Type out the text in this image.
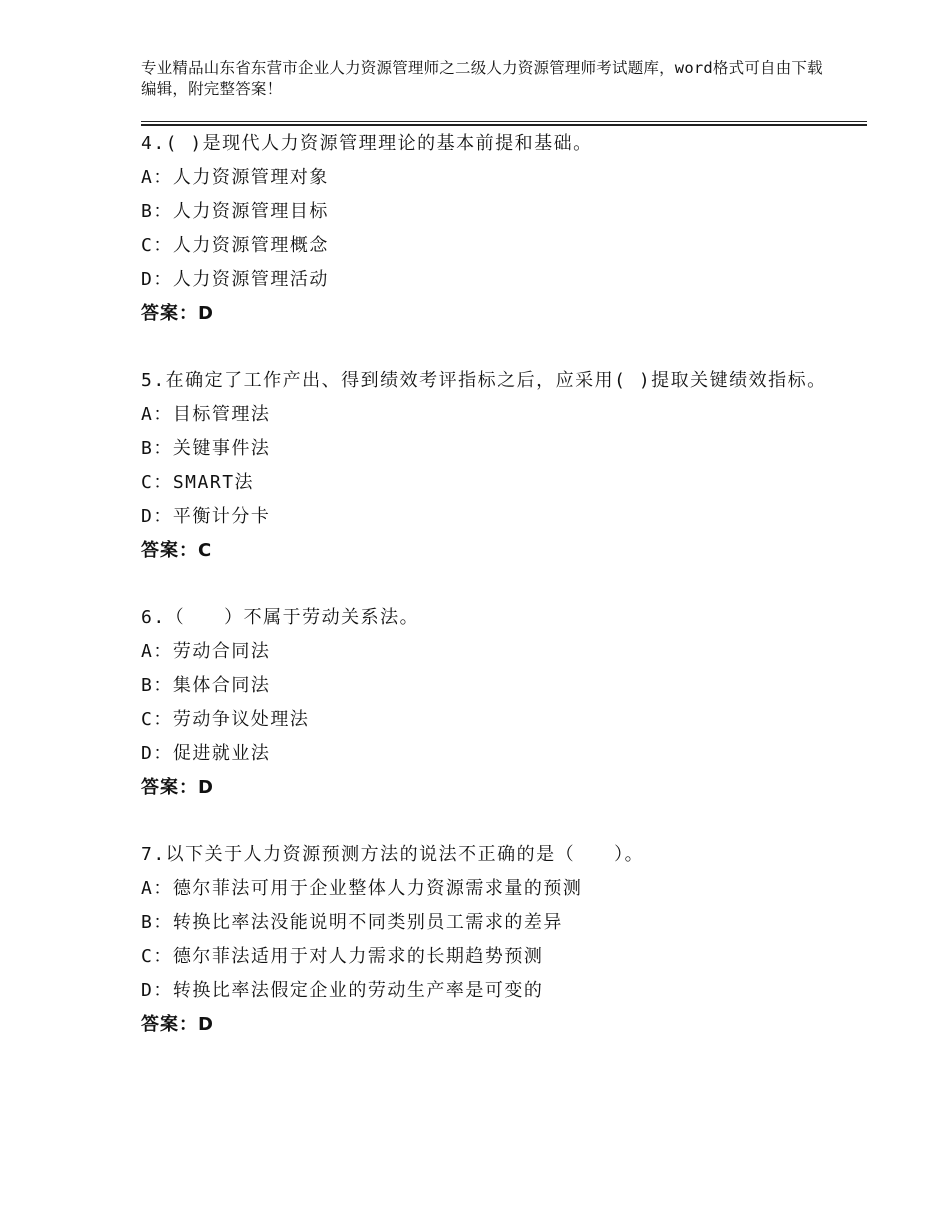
专业精品山东省东营市企业人力资源管理师之二级人力资源管理师考试题库，word格式可自由下载编辑，附完整答案！

4.( )是现代人力资源管理理论的基本前提和基础。

A：人力资源管理对象

B：人力资源管理目标

C：人力资源管理概念

D：人力资源管理活动

答案：D

5.在确定了工作产出、得到绩效考评指标之后，应采用( )提取关键绩效指标。

A：目标管理法

B：关键事件法

C：SMART法

D：平衡计分卡

答案：C

6.（　　）不属于劳动关系法。

A：劳动合同法

B：集体合同法

C：劳动争议处理法

D：促进就业法

答案：D

7.以下关于人力资源预测方法的说法不正确的是（　　）。

A：德尔菲法可用于企业整体人力资源需求量的预测

B：转换比率法没能说明不同类别员工需求的差异

C：德尔菲法适用于对人力需求的长期趋势预测

D：转换比率法假定企业的劳动生产率是可变的

答案：D
